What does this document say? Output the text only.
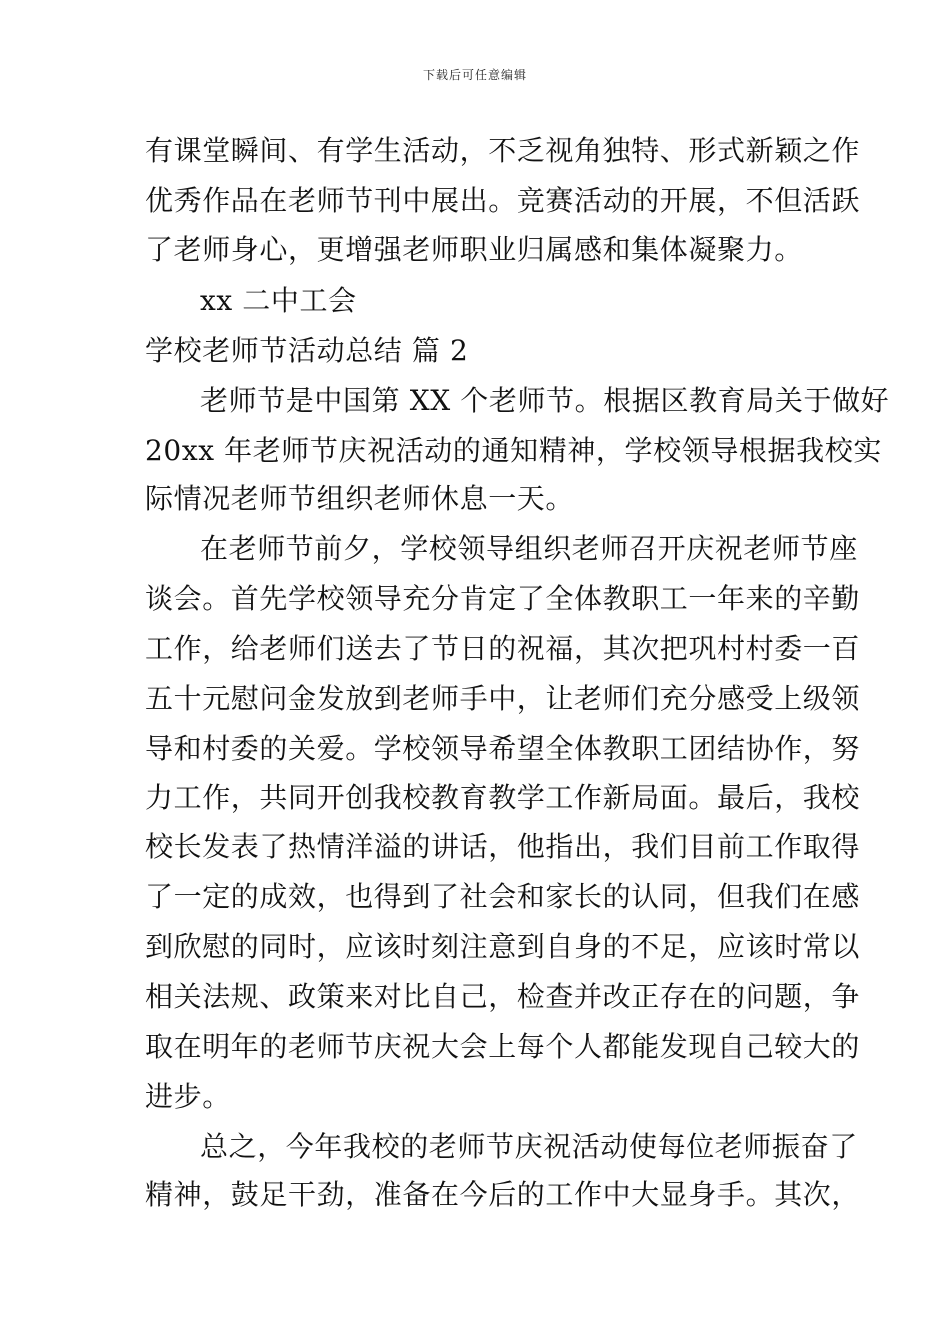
下载后可任意编辑
有课堂瞬间、有学生活动，不乏视角独特、形式新颖之作
优秀作品在老师节刊中展出。竞赛活动的开展，不但活跃
了老师身心，更增强老师职业归属感和集体凝聚力。
xx 二中工会
学校老师节活动总结 篇 2
老师节是中国第 XX 个老师节。根据区教育局关于做好
20xx 年老师节庆祝活动的通知精神，学校领导根据我校实
际情况老师节组织老师休息一天。
在老师节前夕，学校领导组织老师召开庆祝老师节座
谈会。首先学校领导充分肯定了全体教职工一年来的辛勤
工作，给老师们送去了节日的祝福，其次把巩村村委一百
五十元慰问金发放到老师手中，让老师们充分感受上级领
导和村委的关爱。学校领导希望全体教职工团结协作，努
力工作，共同开创我校教育教学工作新局面。最后，我校
校长发表了热情洋溢的讲话，他指出，我们目前工作取得
了一定的成效，也得到了社会和家长的认同，但我们在感
到欣慰的同时，应该时刻注意到自身的不足，应该时常以
相关法规、政策来对比自己，检查并改正存在的问题，争
取在明年的老师节庆祝大会上每个人都能发现自己较大的
进步。
总之，今年我校的老师节庆祝活动使每位老师振奋了
精神，鼓足干劲，准备在今后的工作中大显身手。其次，
